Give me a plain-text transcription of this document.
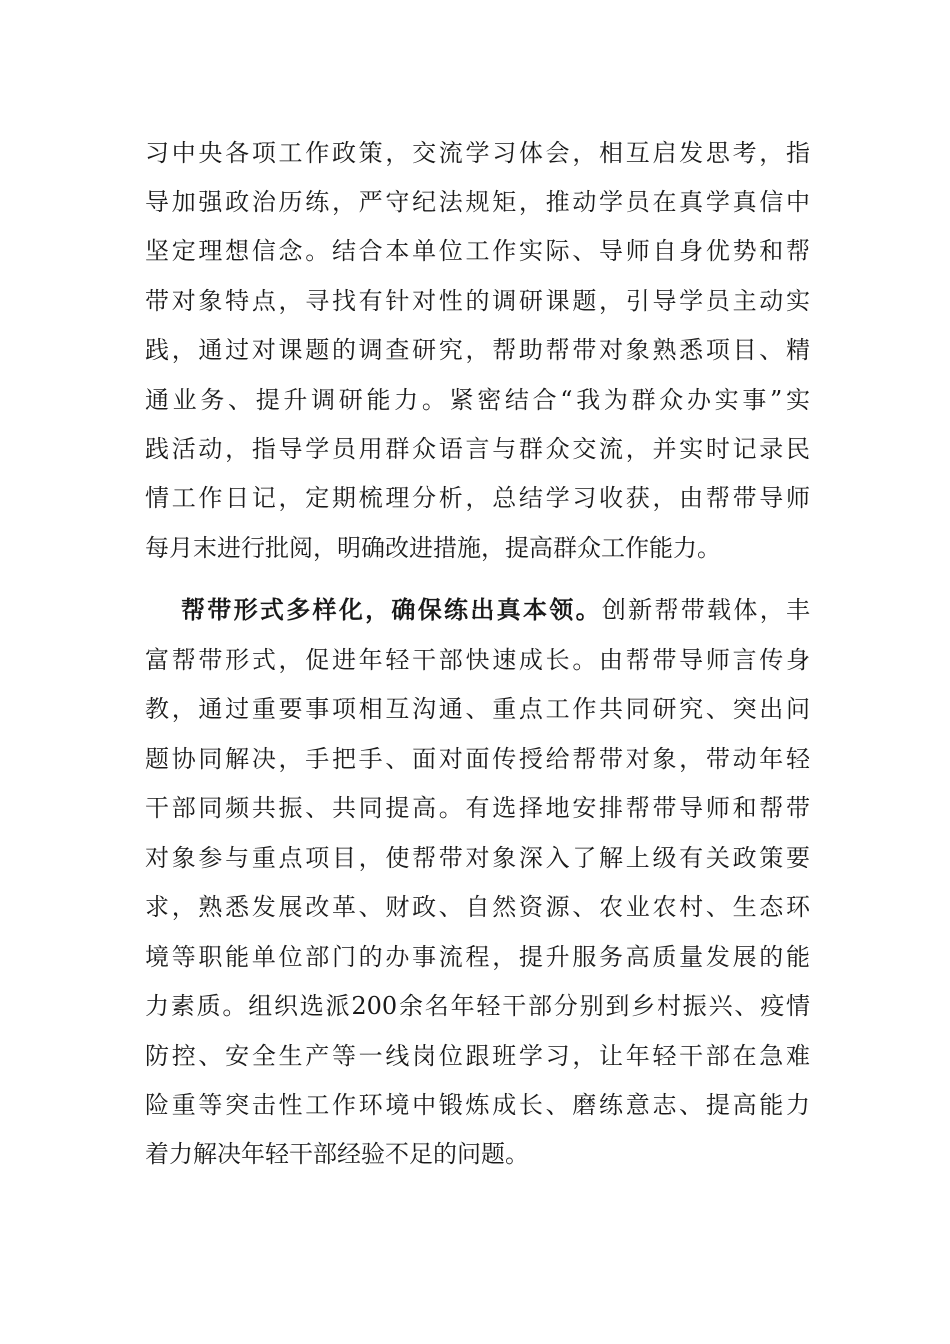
习中央各项工作政策，交流学习体会，相互启发思考，指
导加强政治历练，严守纪法规矩，推动学员在真学真信中
坚定理想信念。结合本单位工作实际、导师自身优势和帮
带对象特点，寻找有针对性的调研课题，引导学员主动实
践，通过对课题的调查研究，帮助帮带对象熟悉项目、精
通业务、提升调研能力。紧密结合“我为群众办实事”实
践活动，指导学员用群众语言与群众交流，并实时记录民
情工作日记，定期梳理分析，总结学习收获，由帮带导师
每月末进行批阅，明确改进措施，提高群众工作能力。
帮带形式多样化，确保练出真本领。创新帮带载体，丰
富帮带形式，促进年轻干部快速成长。由帮带导师言传身
教，通过重要事项相互沟通、重点工作共同研究、突出问
题协同解决，手把手、面对面传授给帮带对象，带动年轻
干部同频共振、共同提高。有选择地安排帮带导师和帮带
对象参与重点项目，使帮带对象深入了解上级有关政策要
求，熟悉发展改革、财政、自然资源、农业农村、生态环
境等职能单位部门的办事流程，提升服务高质量发展的能
力素质。组织选派200余名年轻干部分别到乡村振兴、疫情
防控、安全生产等一线岗位跟班学习，让年轻干部在急难
险重等突击性工作环境中锻炼成长、磨练意志、提高能力
着力解决年轻干部经验不足的问题。
